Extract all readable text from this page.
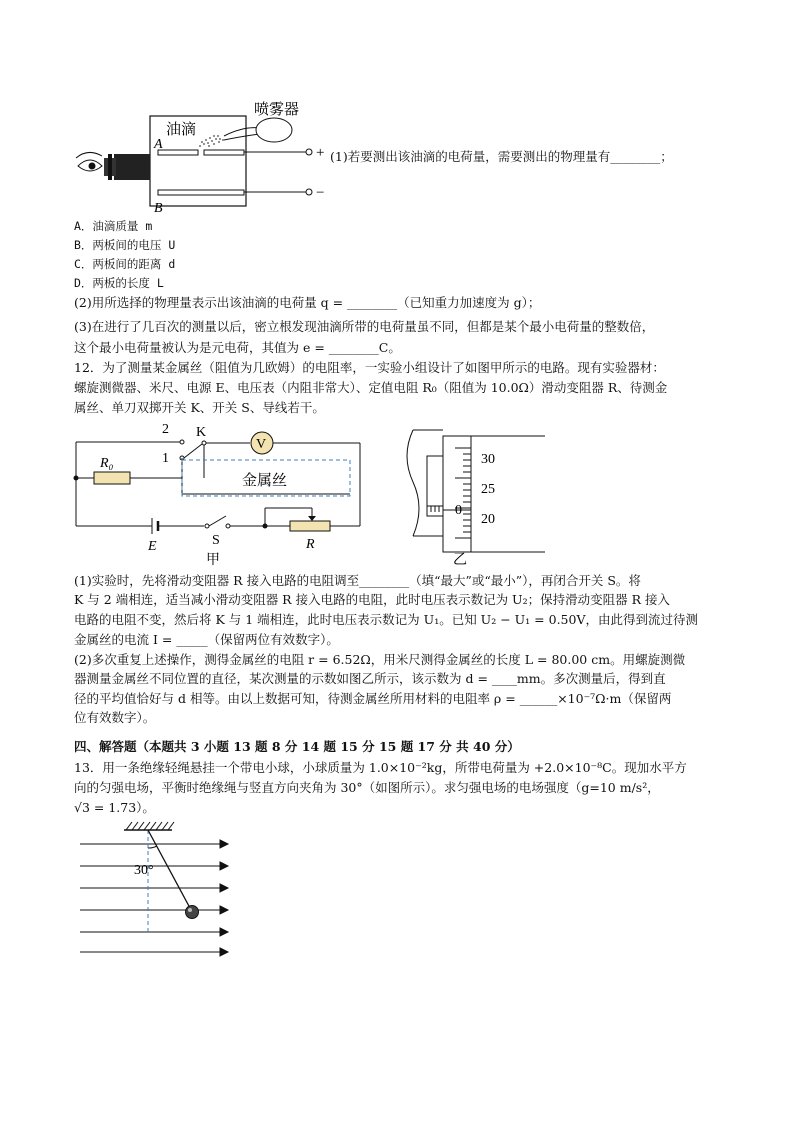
喷雾器
油滴
A
B
+
−
(1)若要测出该油滴的电荷量，需要测出的物理量有________；
A．油滴质量 m
B．两板间的电压 U
C．两板间的距离 d
D．两板的长度 L
(2)用所选择的物理量表示出该油滴的电荷量 q = ________（已知重力加速度为 g）；
(3)在进行了几百次的测量以后，密立根发现油滴所带的电荷量虽不同，但都是某个最小电荷量的整数倍，
这个最小电荷量被认为是元电荷，其值为 e = ________C。
12．为了测量某金属丝（阻值为几欧姆）的电阻率，一实验小组设计了如图甲所示的电路。现有实验器材：
螺旋测微器、米尺、电源 E、电压表（内阻非常大）、定值电阻 R₀（阻值为 10.0Ω）滑动变阻器 R、待测金
属丝、单刀双掷开关 K、开关 S、导线若干。
V
金属丝
2
1
K
R₀
E	S	R
甲
30
25
20
0
乙
(1)实验时，先将滑动变阻器 R 接入电路的电阻调至________（填“最大”或“最小”），再闭合开关 S。将
K 与 2 端相连，适当减小滑动变阻器 R 接入电路的电阻，此时电压表示数记为 U₂；保持滑动变阻器 R 接入
电路的电阻不变，然后将 K 与 1 端相连，此时电压表示数记为 U₁。已知 U₂ − U₁ = 0.50V，由此得到流过待测
金属丝的电流 I = _____（保留两位有效数字）。
(2)多次重复上述操作，测得金属丝的电阻 r = 6.52Ω，用米尺测得金属丝的长度 L = 80.00 cm。用螺旋测微
器测量金属丝不同位置的直径，某次测量的示数如图乙所示，该示数为 d = ____mm。多次测量后，得到直
径的平均值恰好与 d 相等。由以上数据可知，待测金属丝所用材料的电阻率 ρ = ______×10⁻⁷Ω·m（保留两
位有效数字）。
四、解答题（本题共 3 小题 13 题 8 分 14 题 15 分 15 题 17 分 共 40 分）
13．用一条绝缘轻绳悬挂一个带电小球，小球质量为 1.0×10⁻²kg，所带电荷量为 +2.0×10⁻⁸C。现加水平方
向的匀强电场，平衡时绝缘绳与竖直方向夹角为 30°（如图所示）。求匀强电场的电场强度（g=10 m/s²，
√3 = 1.73）。
30°
